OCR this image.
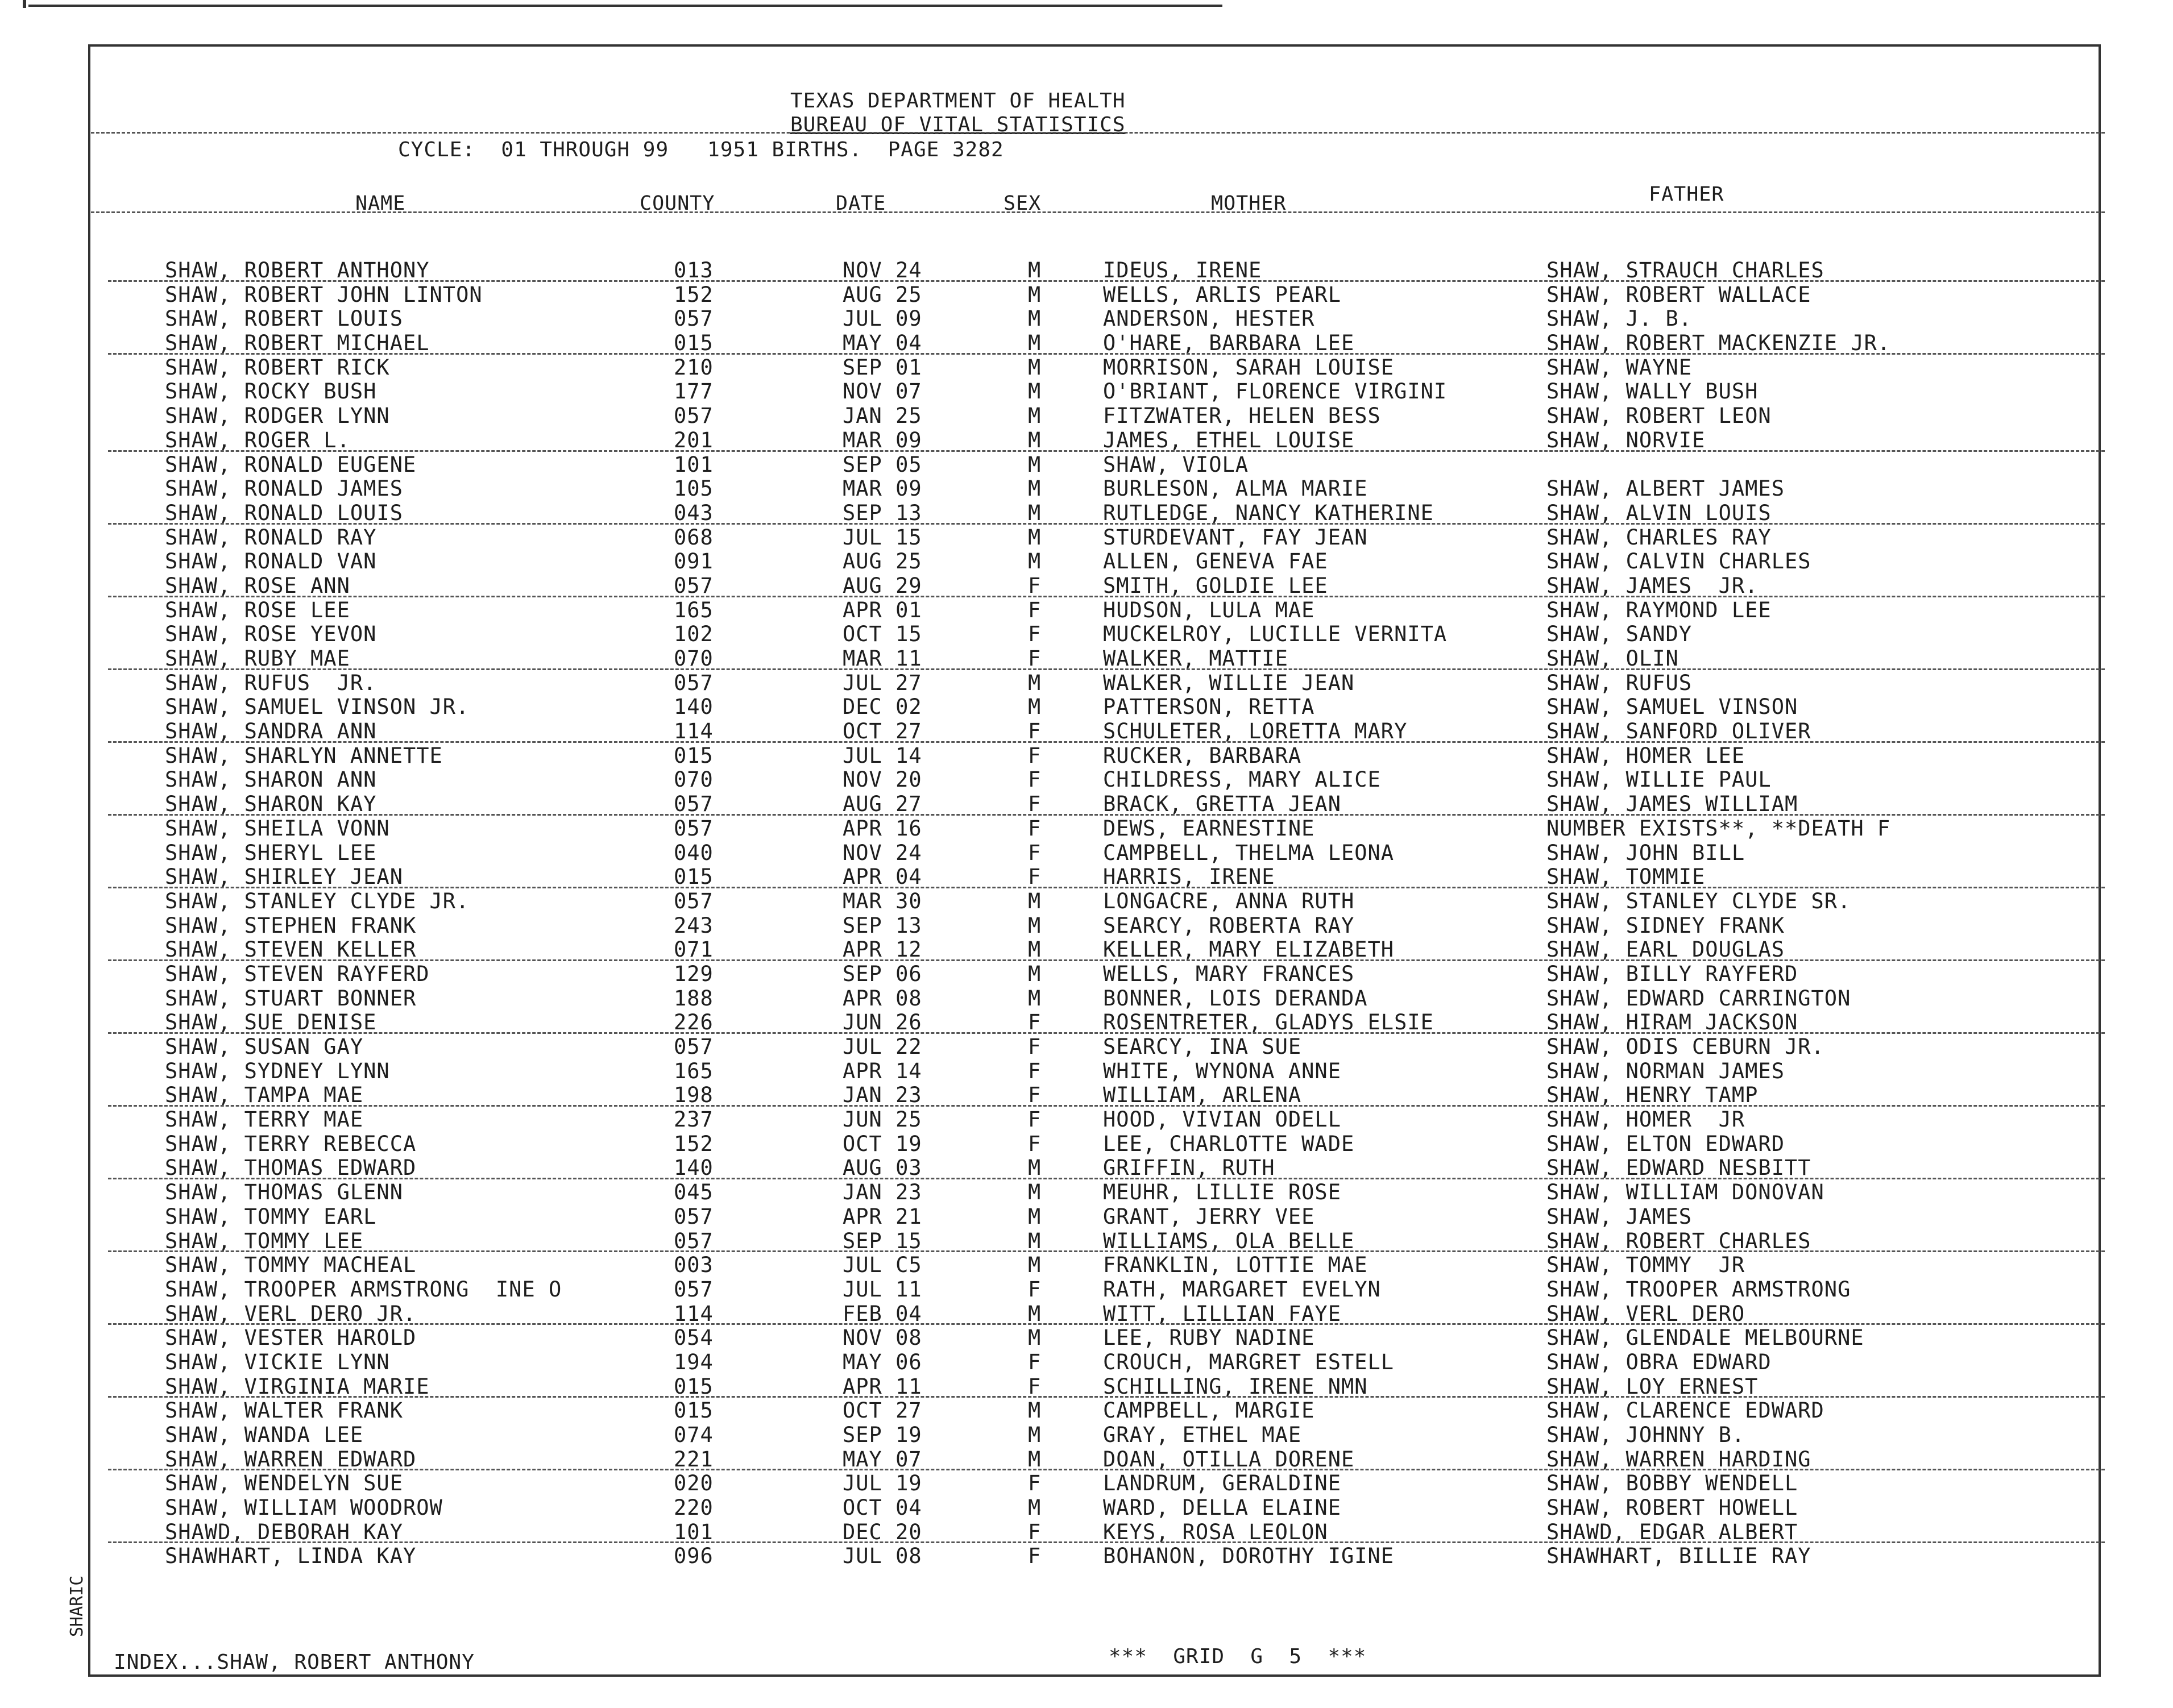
TEXAS DEPARTMENT OF HEALTH
BUREAU OF VITAL STATISTICS
CYCLE:  01 THROUGH 99   1951 BIRTHS.  PAGE 3282
NAME	COUNTY	DATE	SEX	MOTHER	FATHER
SHAW, ROBERT ANTHONY	013	NOV 24	M	IDEUS, IRENE	SHAW, STRAUCH CHARLES
SHAW, ROBERT JOHN LINTON	152	AUG 25	M	WELLS, ARLIS PEARL	SHAW, ROBERT WALLACE
SHAW, ROBERT LOUIS	057	JUL 09	M	ANDERSON, HESTER	SHAW, J. B.
SHAW, ROBERT MICHAEL	015	MAY 04	M	O'HARE, BARBARA LEE	SHAW, ROBERT MACKENZIE JR.
SHAW, ROBERT RICK	210	SEP 01	M	MORRISON, SARAH LOUISE	SHAW, WAYNE
SHAW, ROCKY BUSH	177	NOV 07	M	O'BRIANT, FLORENCE VIRGINI	SHAW, WALLY BUSH
SHAW, RODGER LYNN	057	JAN 25	M	FITZWATER, HELEN BESS	SHAW, ROBERT LEON
SHAW, ROGER L.	201	MAR 09	M	JAMES, ETHEL LOUISE	SHAW, NORVIE
SHAW, RONALD EUGENE	101	SEP 05	M	SHAW, VIOLA
SHAW, RONALD JAMES	105	MAR 09	M	BURLESON, ALMA MARIE	SHAW, ALBERT JAMES
SHAW, RONALD LOUIS	043	SEP 13	M	RUTLEDGE, NANCY KATHERINE	SHAW, ALVIN LOUIS
SHAW, RONALD RAY	068	JUL 15	M	STURDEVANT, FAY JEAN	SHAW, CHARLES RAY
SHAW, RONALD VAN	091	AUG 25	M	ALLEN, GENEVA FAE	SHAW, CALVIN CHARLES
SHAW, ROSE ANN	057	AUG 29	F	SMITH, GOLDIE LEE	SHAW, JAMES  JR.
SHAW, ROSE LEE	165	APR 01	F	HUDSON, LULA MAE	SHAW, RAYMOND LEE
SHAW, ROSE YEVON	102	OCT 15	F	MUCKELROY, LUCILLE VERNITA	SHAW, SANDY
SHAW, RUBY MAE	070	MAR 11	F	WALKER, MATTIE	SHAW, OLIN
SHAW, RUFUS  JR.	057	JUL 27	M	WALKER, WILLIE JEAN	SHAW, RUFUS
SHAW, SAMUEL VINSON JR.	140	DEC 02	M	PATTERSON, RETTA	SHAW, SAMUEL VINSON
SHAW, SANDRA ANN	114	OCT 27	F	SCHULETER, LORETTA MARY	SHAW, SANFORD OLIVER
SHAW, SHARLYN ANNETTE	015	JUL 14	F	RUCKER, BARBARA	SHAW, HOMER LEE
SHAW, SHARON ANN	070	NOV 20	F	CHILDRESS, MARY ALICE	SHAW, WILLIE PAUL
SHAW, SHARON KAY	057	AUG 27	F	BRACK, GRETTA JEAN	SHAW, JAMES WILLIAM
SHAW, SHEILA VONN	057	APR 16	F	DEWS, EARNESTINE	NUMBER EXISTS**, **DEATH F
SHAW, SHERYL LEE	040	NOV 24	F	CAMPBELL, THELMA LEONA	SHAW, JOHN BILL
SHAW, SHIRLEY JEAN	015	APR 04	F	HARRIS, IRENE	SHAW, TOMMIE
SHAW, STANLEY CLYDE JR.	057	MAR 30	M	LONGACRE, ANNA RUTH	SHAW, STANLEY CLYDE SR.
SHAW, STEPHEN FRANK	243	SEP 13	M	SEARCY, ROBERTA RAY	SHAW, SIDNEY FRANK
SHAW, STEVEN KELLER	071	APR 12	M	KELLER, MARY ELIZABETH	SHAW, EARL DOUGLAS
SHAW, STEVEN RAYFERD	129	SEP 06	M	WELLS, MARY FRANCES	SHAW, BILLY RAYFERD
SHAW, STUART BONNER	188	APR 08	M	BONNER, LOIS DERANDA	SHAW, EDWARD CARRINGTON
SHAW, SUE DENISE	226	JUN 26	F	ROSENTRETER, GLADYS ELSIE	SHAW, HIRAM JACKSON
SHAW, SUSAN GAY	057	JUL 22	F	SEARCY, INA SUE	SHAW, ODIS CEBURN JR.
SHAW, SYDNEY LYNN	165	APR 14	F	WHITE, WYNONA ANNE	SHAW, NORMAN JAMES
SHAW, TAMPA MAE	198	JAN 23	F	WILLIAM, ARLENA	SHAW, HENRY TAMP
SHAW, TERRY MAE	237	JUN 25	F	HOOD, VIVIAN ODELL	SHAW, HOMER  JR
SHAW, TERRY REBECCA	152	OCT 19	F	LEE, CHARLOTTE WADE	SHAW, ELTON EDWARD
SHAW, THOMAS EDWARD	140	AUG 03	M	GRIFFIN, RUTH	SHAW, EDWARD NESBITT
SHAW, THOMAS GLENN	045	JAN 23	M	MEUHR, LILLIE ROSE	SHAW, WILLIAM DONOVAN
SHAW, TOMMY EARL	057	APR 21	M	GRANT, JERRY VEE	SHAW, JAMES
SHAW, TOMMY LEE	057	SEP 15	M	WILLIAMS, OLA BELLE	SHAW, ROBERT CHARLES
SHAW, TOMMY MACHEAL	003	JUL C5	M	FRANKLIN, LOTTIE MAE	SHAW, TOMMY  JR
SHAW, TROOPER ARMSTRONG  INE O	057	JUL 11	F	RATH, MARGARET EVELYN	SHAW, TROOPER ARMSTRONG
SHAW, VERL DERO JR.	114	FEB 04	M	WITT, LILLIAN FAYE	SHAW, VERL DERO
SHAW, VESTER HAROLD	054	NOV 08	M	LEE, RUBY NADINE	SHAW, GLENDALE MELBOURNE
SHAW, VICKIE LYNN	194	MAY 06	F	CROUCH, MARGRET ESTELL	SHAW, OBRA EDWARD
SHAW, VIRGINIA MARIE	015	APR 11	F	SCHILLING, IRENE NMN	SHAW, LOY ERNEST
SHAW, WALTER FRANK	015	OCT 27	M	CAMPBELL, MARGIE	SHAW, CLARENCE EDWARD
SHAW, WANDA LEE	074	SEP 19	M	GRAY, ETHEL MAE	SHAW, JOHNNY B.
SHAW, WARREN EDWARD	221	MAY 07	M	DOAN, OTILLA DORENE	SHAW, WARREN HARDING
SHAW, WENDELYN SUE	020	JUL 19	F	LANDRUM, GERALDINE	SHAW, BOBBY WENDELL
SHAW, WILLIAM WOODROW	220	OCT 04	M	WARD, DELLA ELAINE	SHAW, ROBERT HOWELL
SHAWD, DEBORAH KAY	101	DEC 20	F	KEYS, ROSA LEOLON	SHAWD, EDGAR ALBERT
SHAWHART, LINDA KAY	096	JUL 08	F	BOHANON, DOROTHY IGINE	SHAWHART, BILLIE RAY
INDEX...SHAW, ROBERT ANTHONY	***  GRID  G  5  ***
SHARIC
